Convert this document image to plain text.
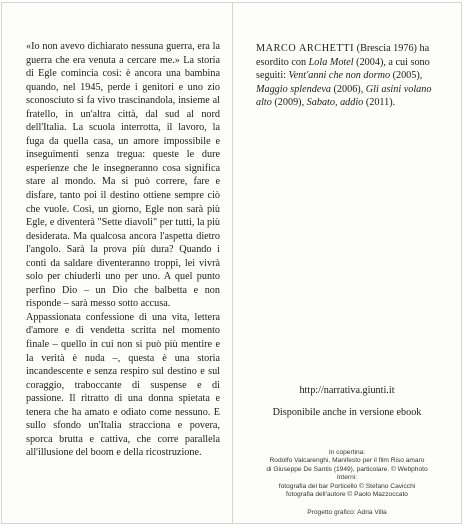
«Io non avevo dichiarato nessuna guerra, era la guerra che era venuta a cercare me.» La storia di Egle comincia così: è ancora una bambina quando, nel 1945, perde i genitori e uno zio sconosciuto si fa vivo trascinandola, insieme al fratello, in un'altra città, dal sud al nord dell'Italia. La scuola interrotta, il lavoro, la fuga da quella casa, un amore impossibile e inseguimenti senza tregua: queste le dure esperienze che le insegneranno cosa significa stare al mondo. Ma si può correre, fare e disfare, tanto poi il destino ottiene sempre ciò che vuole. Così, un giorno, Egle non sarà più Egle, e diventerà "Sette diavoli" per tutti, la più desiderata. Ma qualcosa ancora l'aspetta dietro l'angolo. Sarà la prova più dura? Quando i conti da saldare diventeranno troppi, lei vivrà solo per chiuderli uno per uno. A quel punto perfino Dio – un Dio che balbetta e non risponde – sarà messo sotto accusa.

Appassionata confessione di una vita, lettera d'amore e di vendetta scritta nel momento finale – quello in cui non si può più mentire e la verità è nuda –, questa è una storia incandescente e senza respiro sul destino e sul coraggio, traboccante di suspense e di passione. Il ritratto di una donna spietata e tenera che ha amato e odiato come nessuno. E sullo sfondo un'Italia stracciona e povera, sporca brutta e cattiva, che corre parallela all'illusione del boom e della ricostruzione.

MARCO ARCHETTI (Brescia 1976) ha esordito con Lola Motel (2004), a cui sono seguiti: Vent'anni che non dormo (2005), Maggio splendeva (2006), Gli asini volano alto (2009), Sabato, addio (2011).

http://narrativa.giunti.it
Disponibile anche in versione ebook
In copertina:
Rodolfo Valcarenghi, Manifesto per il film Riso amaro
di Giuseppe De Santis (1949), particolare. © Webphoto
Interni:
fotografia del bar Porticello © Stefano Cavicchi
fotografia dell'autore © Paolo Mazzoccato
Progetto grafico: Adria Villa
